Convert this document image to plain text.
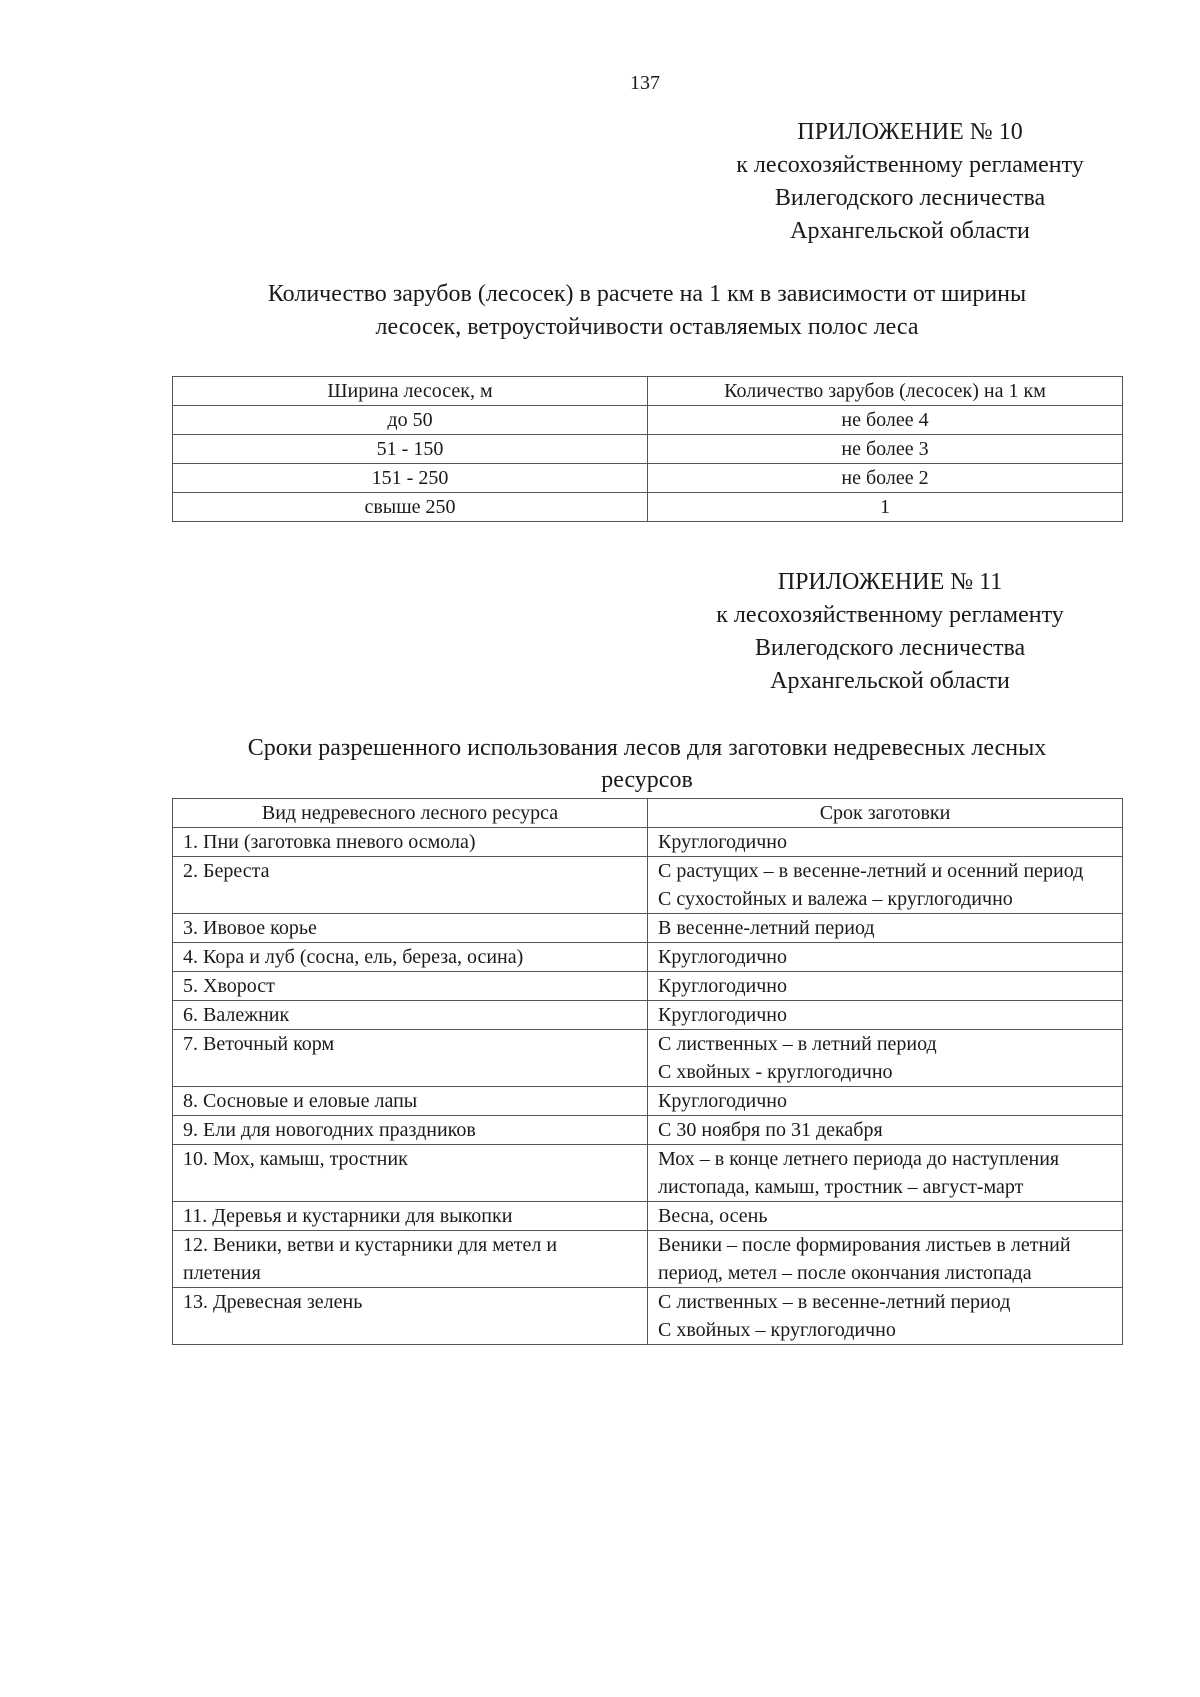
137
ПРИЛОЖЕНИЕ № 10
к лесохозяйственному регламенту
Вилегодского лесничества
Архангельской области
Количество зарубов (лесосек) в расчете на 1 км в зависимости от ширины
лесосек, ветроустойчивости оставляемых полос леса
Ширина лесосек, м	Количество зарубов (лесосек) на 1 км
до 50	не более 4
51 - 150	не более 3
151 - 250	не более 2
свыше 250	1
ПРИЛОЖЕНИЕ № 11
к лесохозяйственному регламенту
Вилегодского лесничества
Архангельской области
Сроки разрешенного использования лесов для заготовки недревесных лесных
ресурсов
Вид недревесного лесного ресурса	Срок заготовки
1. Пни (заготовка пневого осмола)	Круглогодично

2. Береста	С растущих – в весенне-летний и осенний период
С сухостойных и валежа – круглогодично

3. Ивовое корье	В весенне-летний период

4. Кора и луб (сосна, ель, береза, осина)	Круглогодично

5. Хворост	Круглогодично

6. Валежник	Круглогодично

7. Веточный корм	С лиственных – в летний период
С хвойных - круглогодично

8. Сосновые и еловые лапы	Круглогодично

9. Ели для новогодних праздников	С 30 ноября по 31 декабря

10. Мох, камыш, тростник	Мох – в конце летнего периода до наступления листопада, камыш, тростник – август-март

11. Деревья и кустарники для выкопки	Весна, осень

12. Веники, ветви и кустарники для метел и плетения	Веники – после формирования листьев в летний период, метел – после окончания листопада

13. Древесная зелень	С лиственных – в весенне-летний период
С хвойных – круглогодично
